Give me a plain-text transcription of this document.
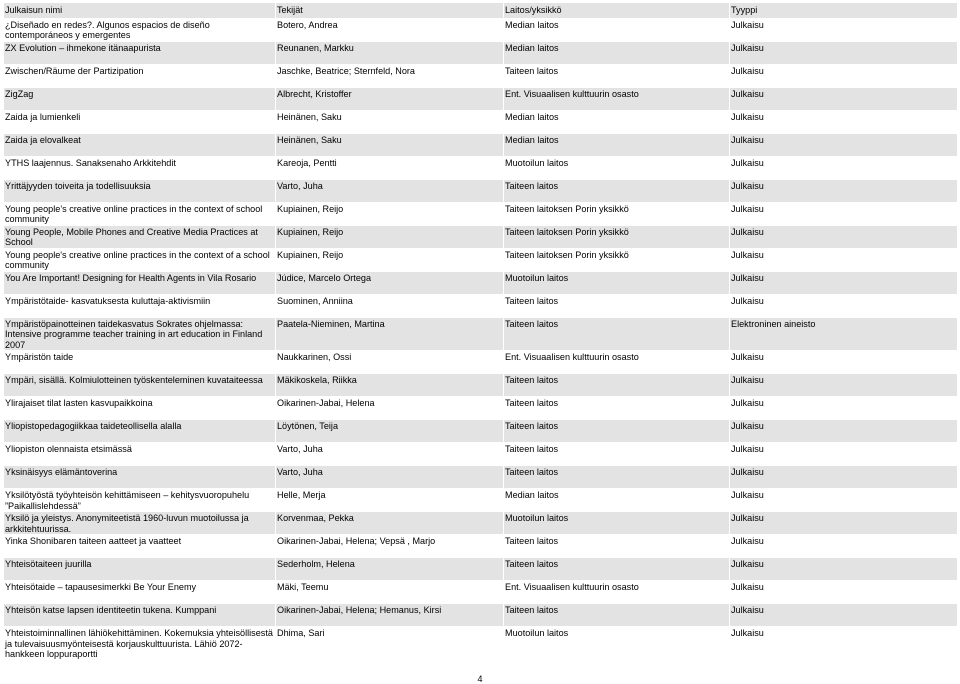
Julkaisun nimi	Tekijät	Laitos/yksikkö	Tyyppi
¿Diseñado en redes?. Algunos espacios de diseño contemporáneos y emergentes	Botero, Andrea	Median laitos	Julkaisu
ZX Evolution – ihmekone itänaapurista	Reunanen, Markku	Median laitos	Julkaisu
Zwischen/Räume der Partizipation	Jaschke, Beatrice; Sternfeld, Nora	Taiteen laitos	Julkaisu
ZigZag	Albrecht, Kristoffer	Ent. Visuaalisen kulttuurin osasto	Julkaisu
Zaida ja lumienkeli	Heinänen, Saku	Median laitos	Julkaisu
Zaida ja elovalkeat	Heinänen, Saku	Median laitos	Julkaisu
YTHS laajennus. Sanaksenaho Arkkitehdit	Kareoja, Pentti	Muotoilun laitos	Julkaisu
Yrittäjyyden toiveita ja todellisuuksia	Varto, Juha	Taiteen laitos	Julkaisu
Young people’s creative online practices in the context of school community	Kupiainen, Reijo	Taiteen laitoksen Porin yksikkö	Julkaisu
Young People, Mobile Phones and Creative Media Practices at School	Kupiainen, Reijo	Taiteen laitoksen Porin yksikkö	Julkaisu
Young people's creative online practices in the context of a school community	Kupiainen, Reijo	Taiteen laitoksen Porin yksikkö	Julkaisu
You Are Important! Designing for Health Agents in Vila Rosario	Júdice, Marcelo Ortega	Muotoilun laitos	Julkaisu
Ympäristötaide- kasvatuksesta kuluttaja-aktivismiin	Suominen, Anniina	Taiteen laitos	Julkaisu
Ympäristöpainotteinen taidekasvatus Sokrates ohjelmassa: Intensive programme teacher training in art education in Finland 2007	Paatela-Nieminen, Martina	Taiteen laitos	Elektroninen aineisto
Ympäristön taide	Naukkarinen, Ossi	Ent. Visuaalisen kulttuurin osasto	Julkaisu
Ympäri, sisällä. Kolmiulotteinen työskenteleminen kuvataiteessa	Mäkikoskela, Riikka	Taiteen laitos	Julkaisu
Ylirajaiset tilat lasten kasvupaikkoina	Oikarinen-Jabai, Helena	Taiteen laitos	Julkaisu
Yliopistopedagogiikkaa taideteollisella alalla	Löytönen, Teija	Taiteen laitos	Julkaisu
Yliopiston olennaista etsimässä	Varto, Juha	Taiteen laitos	Julkaisu
Yksinäisyys elämäntoverina	Varto, Juha	Taiteen laitos	Julkaisu
Yksilötyöstä työyhteisön kehittämiseen – kehitysvuoropuhelu ”Paikallislehdessä”	Helle, Merja	Median laitos	Julkaisu
Yksilö ja yleistys. Anonymiteetistä 1960-luvun muotoilussa ja arkkitehtuurissa.	Korvenmaa, Pekka	Muotoilun laitos	Julkaisu
Yinka Shonibaren taiteen aatteet ja vaatteet	Oikarinen-Jabai, Helena; Vepsä , Marjo	Taiteen laitos	Julkaisu
Yhteisötaiteen juurilla	Sederholm, Helena	Taiteen laitos	Julkaisu
Yhteisötaide – tapausesimerkki Be Your Enemy	Mäki, Teemu	Ent. Visuaalisen kulttuurin osasto	Julkaisu
Yhteisön katse lapsen identiteetin tukena. Kumppani	Oikarinen-Jabai, Helena; Hemanus, Kirsi	Taiteen laitos	Julkaisu
Yhteistoiminnallinen lähiökehittäminen. Kokemuksia yhteisöllisestä ja tulevaisuusmyönteisestä korjauskulttuurista. Lähiö 2072- hankkeen loppuraportti	Dhima, Sari	Muotoilun laitos	Julkaisu
4
